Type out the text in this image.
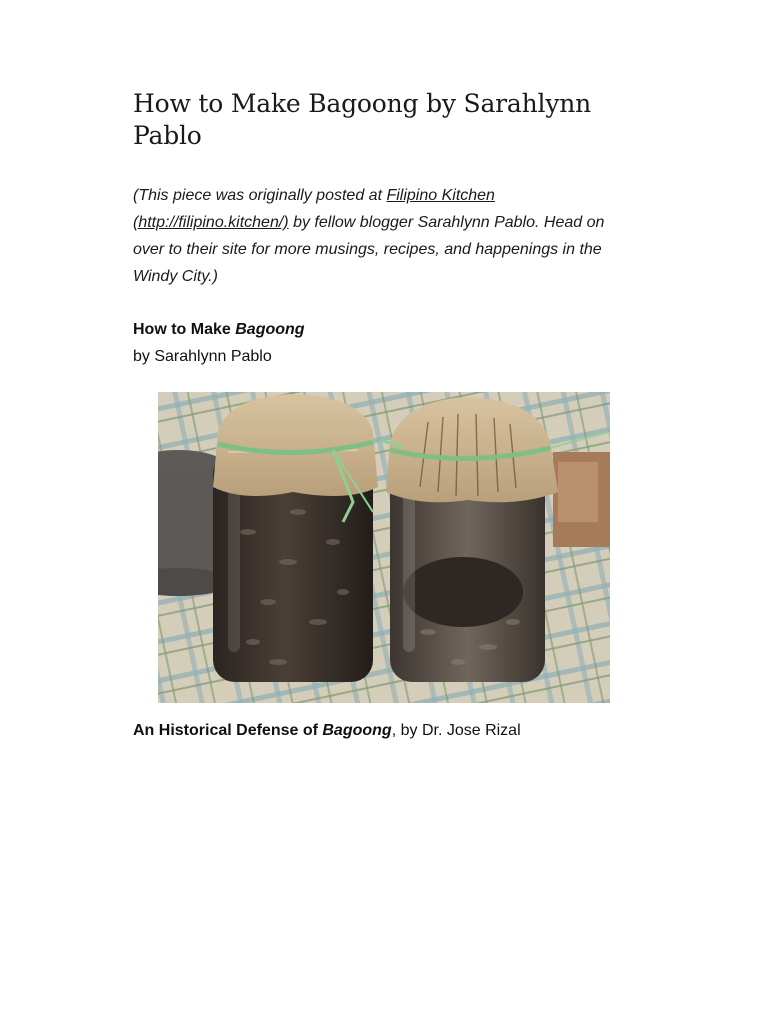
How to Make Bagoong by Sarahlynn Pablo

(This piece was originally posted at Filipino Kitchen (http://filipino.kitchen/) by fellow blogger Sarahlynn Pablo. Head on over to their site for more musings, recipes, and happenings in the Windy City.)

How to Make Bagoong
by Sarahlynn Pablo
An Historical Defense of Bagoong, by Dr. Jose Rizal
